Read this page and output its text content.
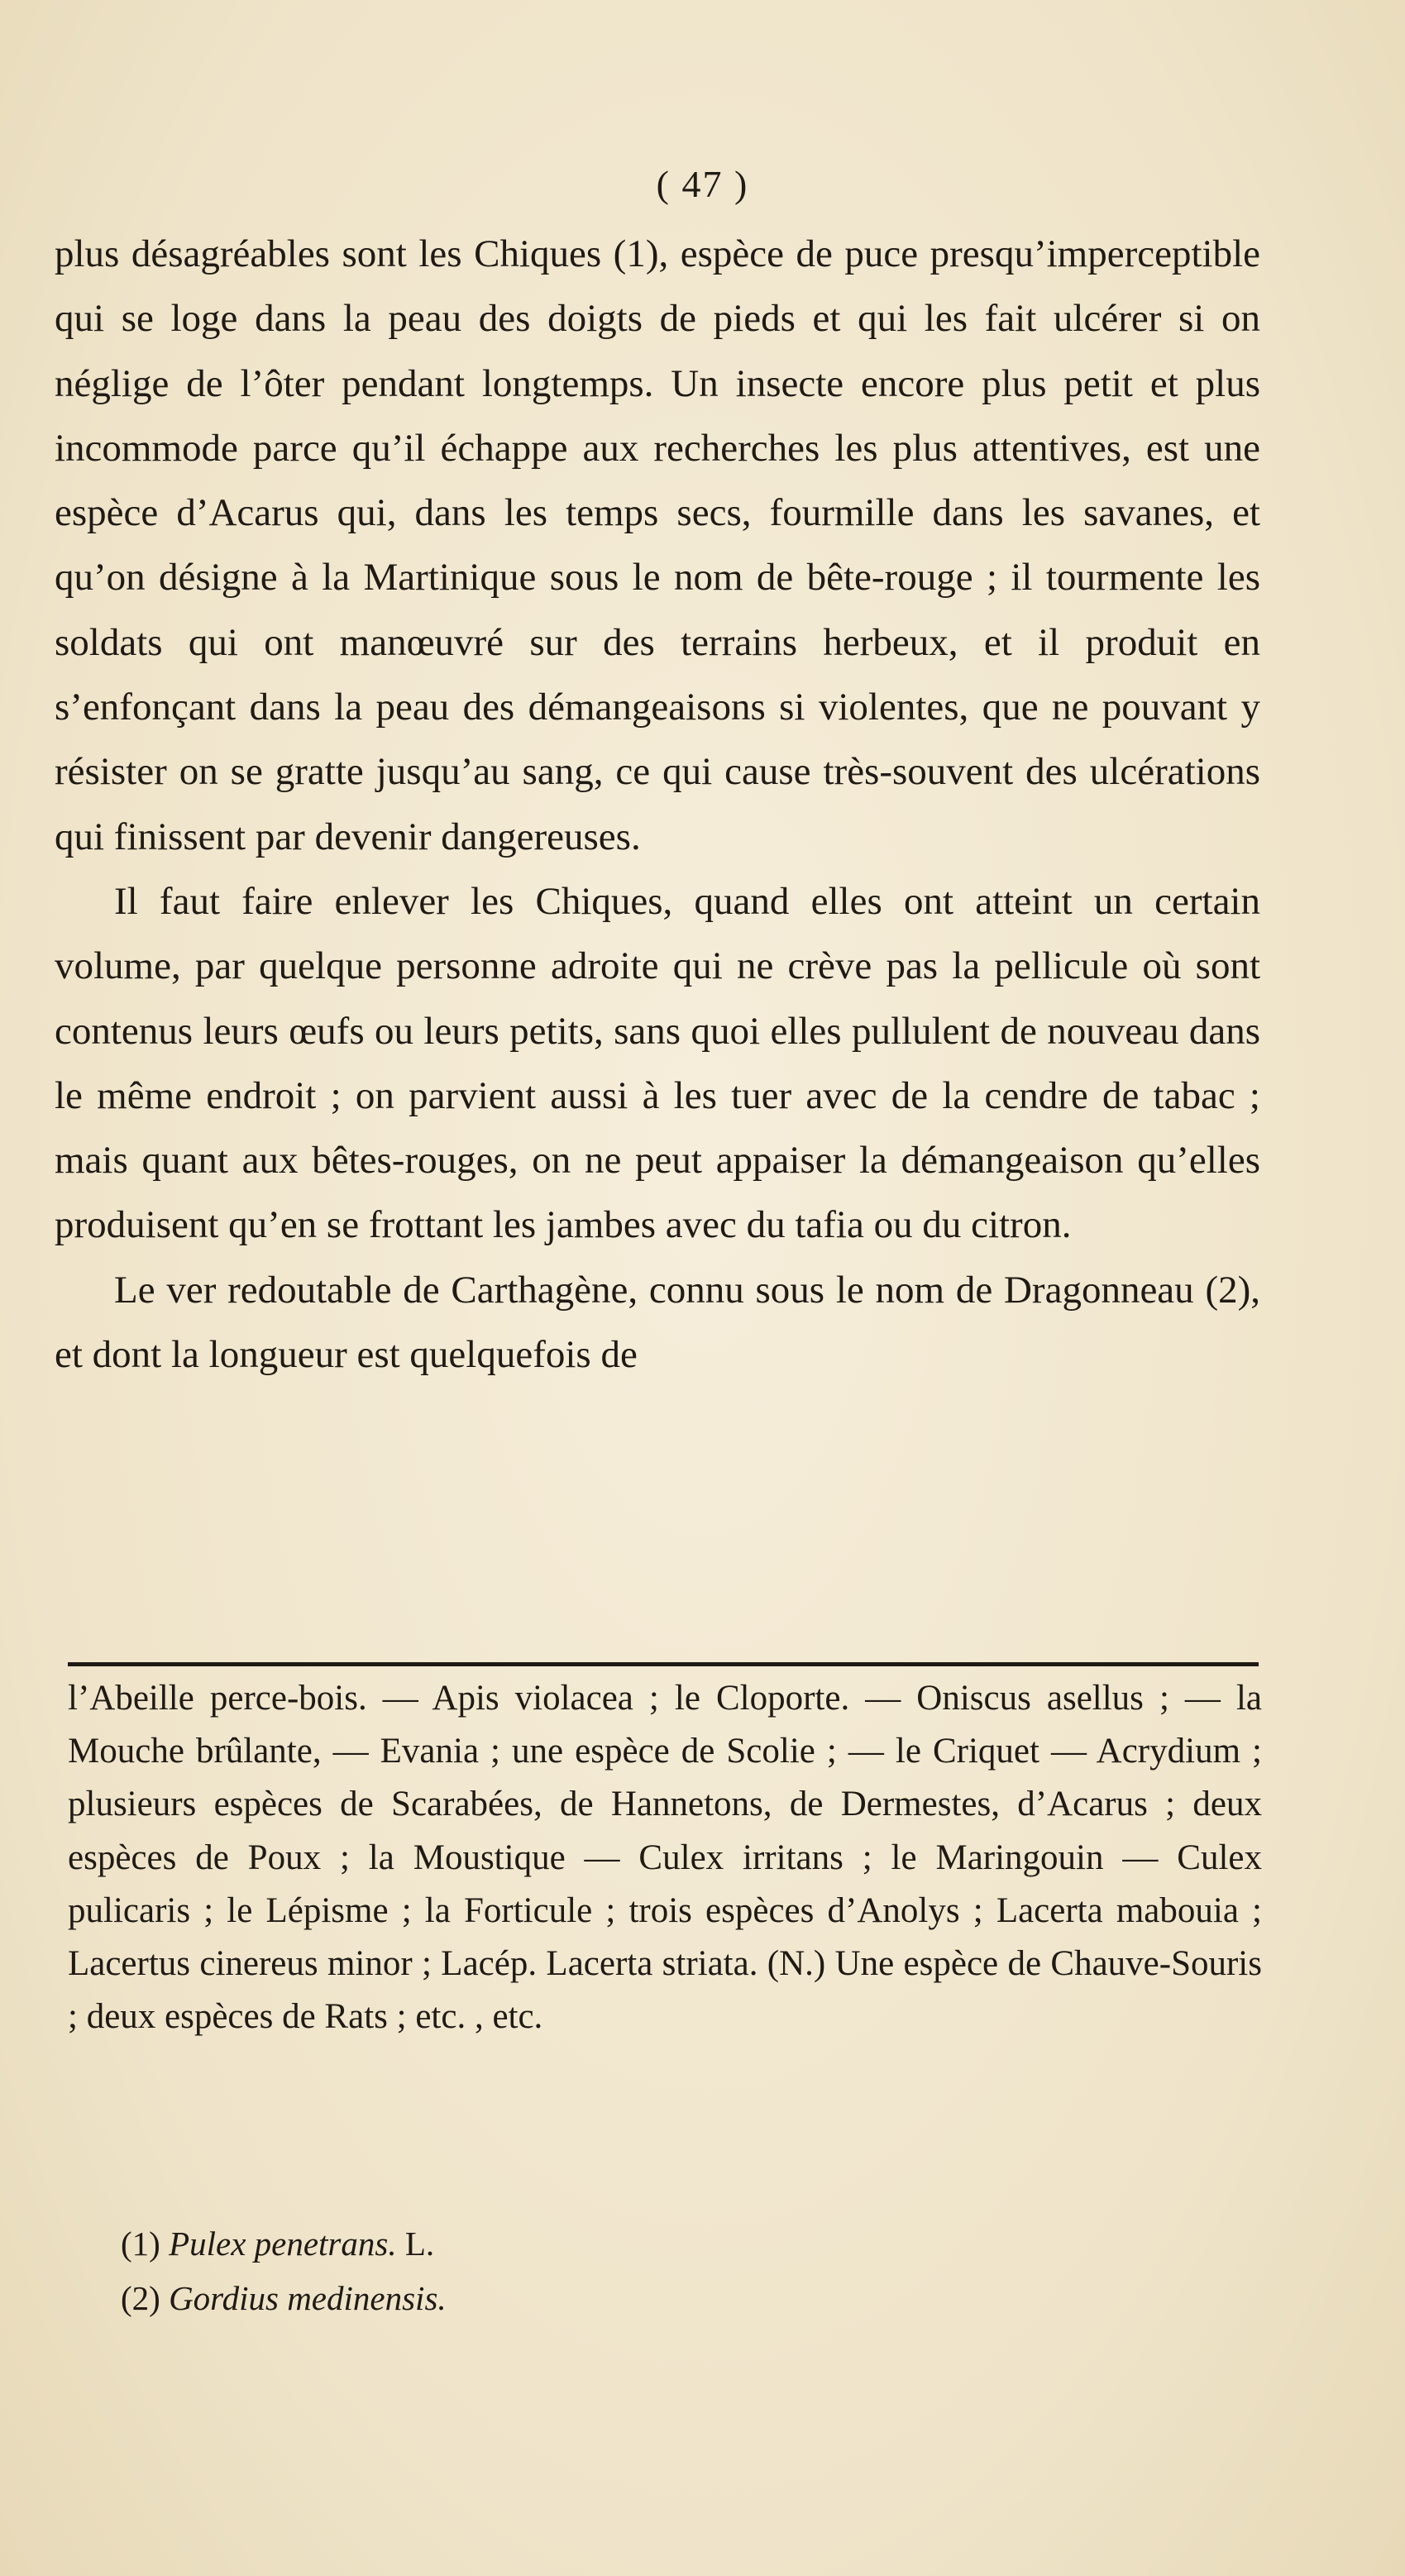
( 47 )

plus désagréables sont les Chiques (1), espèce de puce presqu’imperceptible qui se loge dans la peau des doigts de pieds et qui les fait ulcérer si on néglige de l’ôter pendant longtemps. Un insecte encore plus petit et plus incommode parce qu’il échappe aux recherches les plus attentives, est une espèce d’Acarus qui, dans les temps secs, fourmille dans les savanes, et qu’on désigne à la Martinique sous le nom de bête-rouge ; il tourmente les soldats qui ont manœuvré sur des terrains herbeux, et il produit en s’enfonçant dans la peau des démangeaisons si violentes, que ne pouvant y résister on se gratte jusqu’au sang, ce qui cause très-souvent des ulcérations qui finissent par devenir dangereuses.

Il faut faire enlever les Chiques, quand elles ont atteint un certain volume, par quelque personne adroite qui ne crève pas la pellicule où sont contenus leurs œufs ou leurs petits, sans quoi elles pullulent de nouveau dans le même endroit ; on parvient aussi à les tuer avec de la cendre de tabac ; mais quant aux bêtes-rouges, on ne peut appaiser la démangeaison qu’elles produisent qu’en se frottant les jambes avec du tafia ou du citron.

Le ver redoutable de Carthagène, connu sous le nom de Dragonneau (2), et dont la longueur est quelquefois de

l’Abeille perce-bois. — Apis violacea ; le Cloporte. — Oniscus asellus ; — la Mouche brûlante, — Evania ; une espèce de Scolie ; — le Criquet — Acrydium ; plusieurs espèces de Scarabées, de Hannetons, de Dermestes, d’Acarus ; deux espèces de Poux ; la Moustique — Culex irritans ; le Maringouin — Culex pulicaris ; le Lépisme ; la Forticule ; trois espèces d’Anolys ; Lacerta mabouia ; Lacertus cinereus minor ; Lacép. Lacerta striata. (N.) Une espèce de Chauve-Souris ; deux espèces de Rats ; etc. , etc.

(1) Pulex penetrans. L.

(2) Gordius medinensis.
